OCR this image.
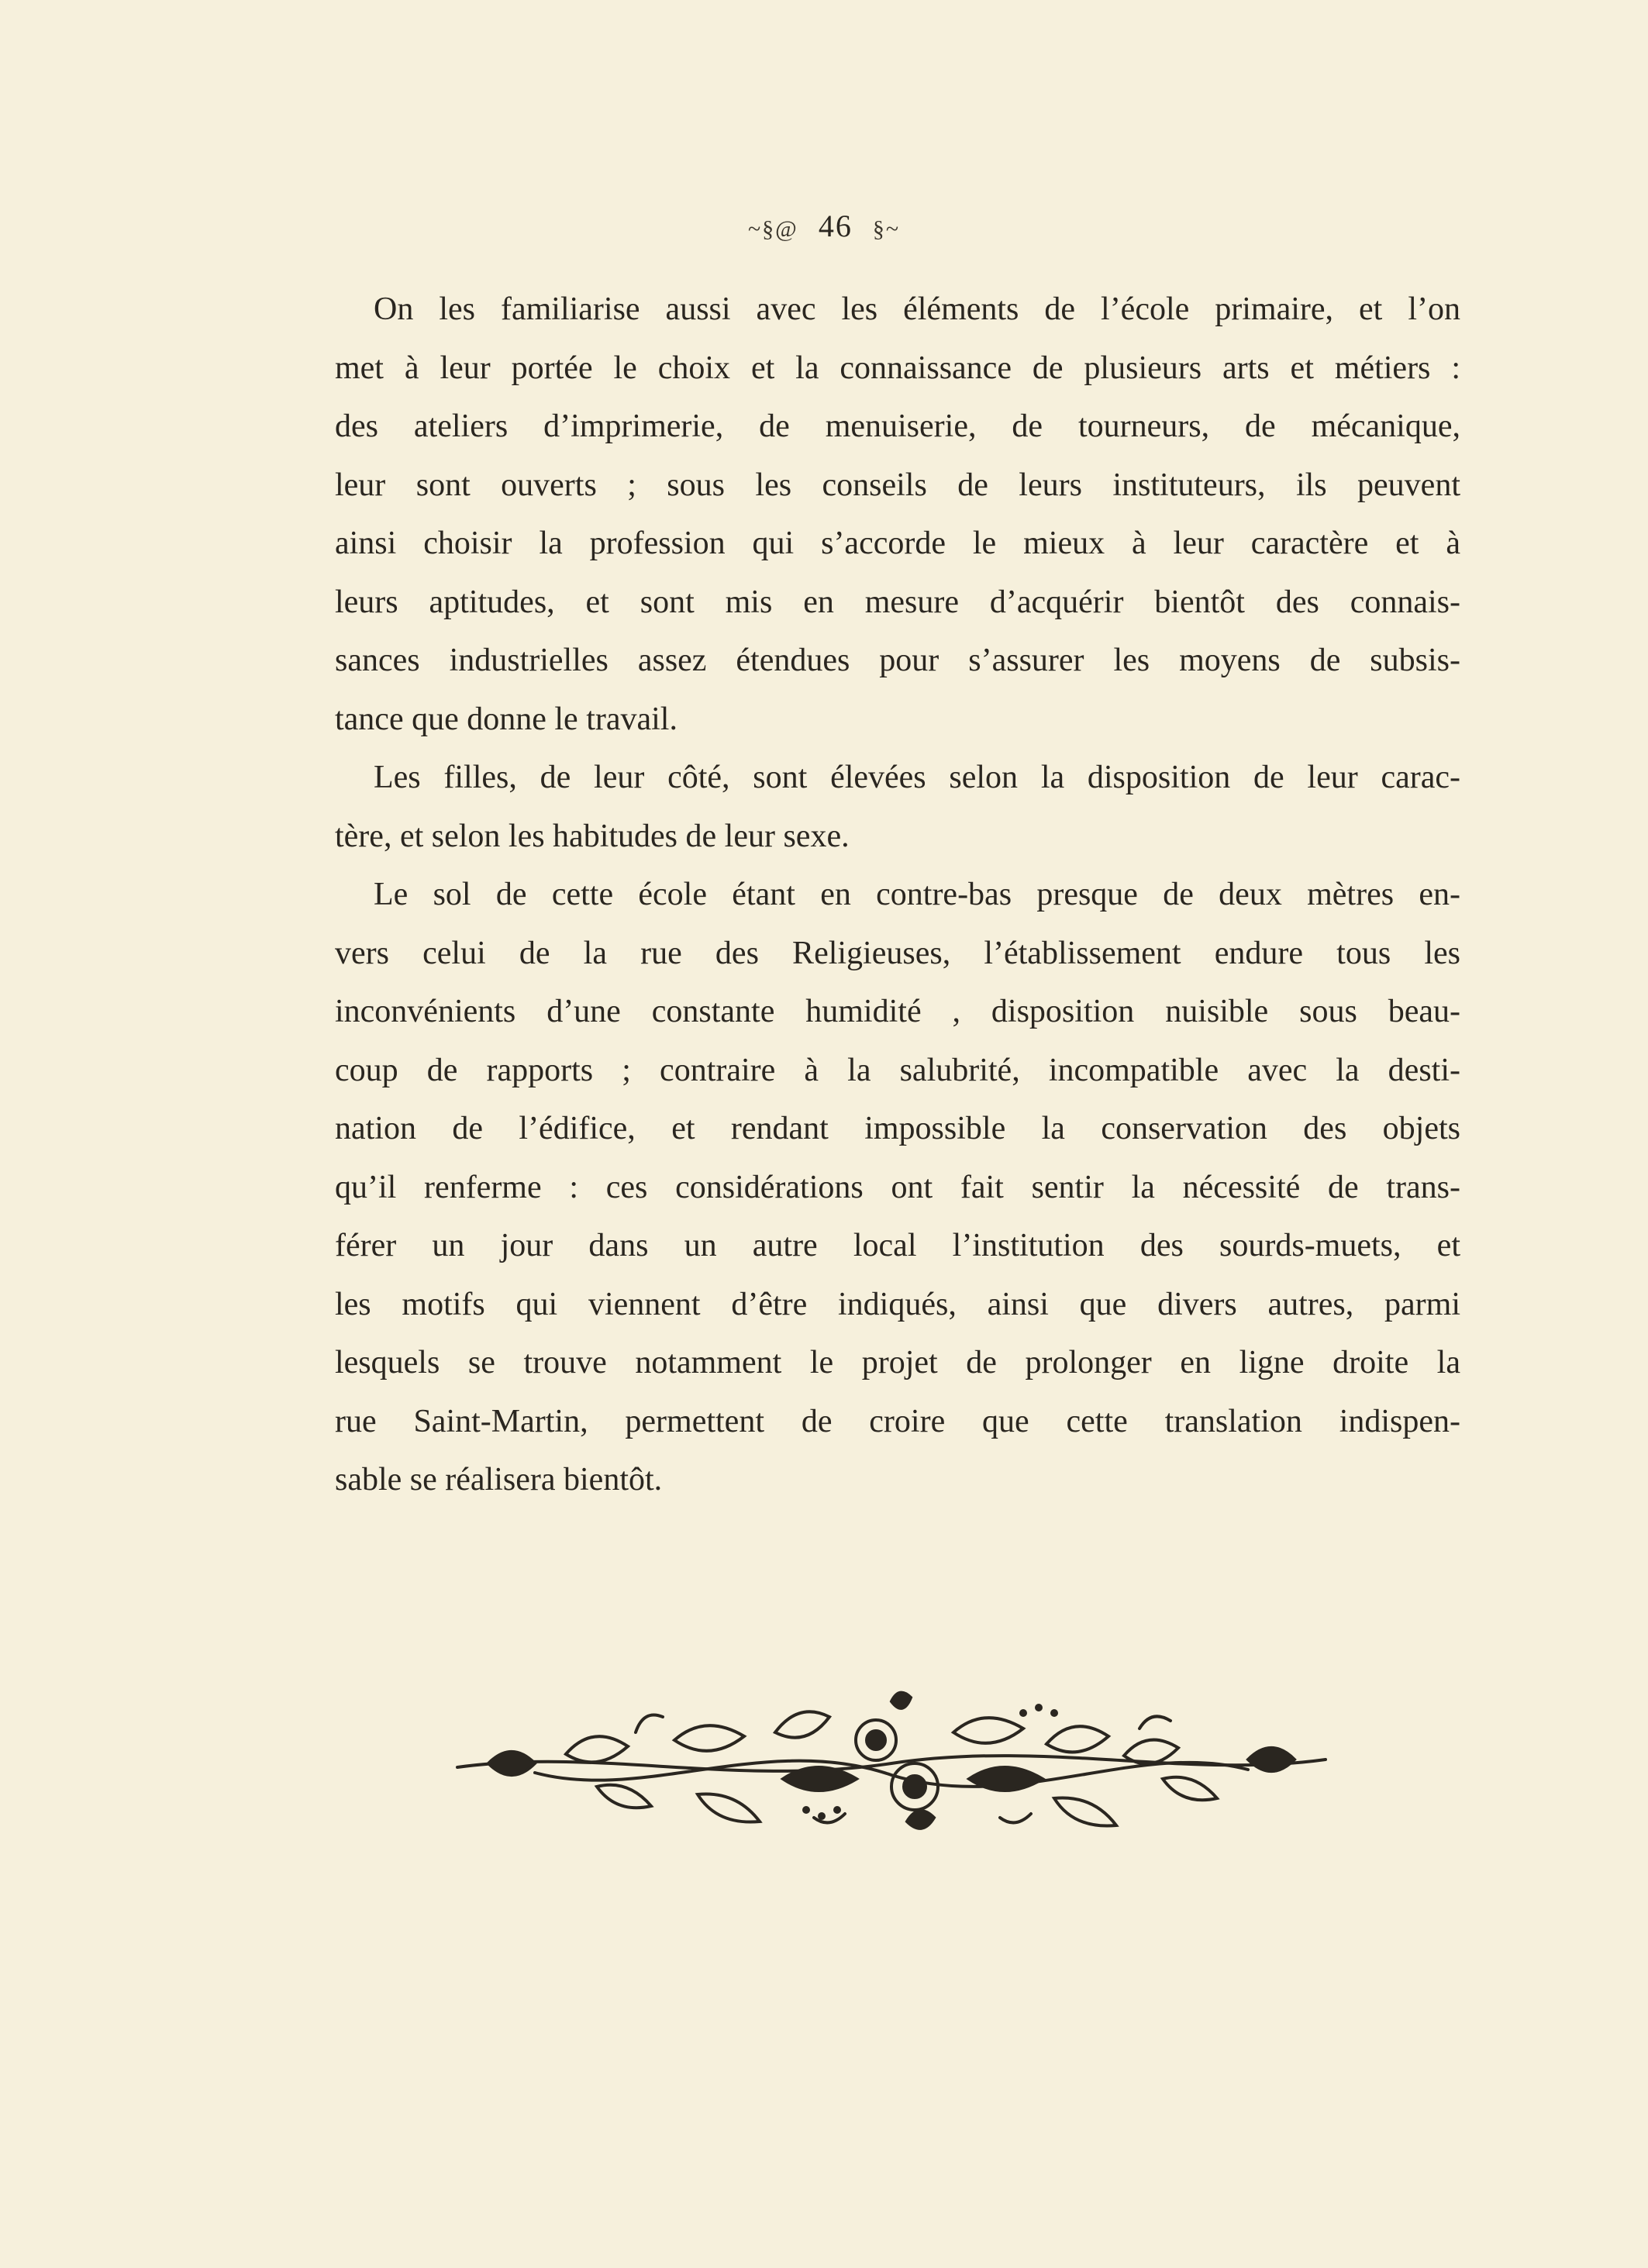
~§@ 46 §~
On les familiarise aussi avec les éléments de l’école primaire, et l’on
met à leur portée le choix et la connaissance de plusieurs arts et métiers :
des ateliers d’imprimerie, de menuiserie, de tourneurs, de mécanique,
leur sont ouverts ; sous les conseils de leurs instituteurs, ils peuvent
ainsi choisir la profession qui s’accorde le mieux à leur caractère et à
leurs aptitudes, et sont mis en mesure d’acquérir bientôt des connais-
sances industrielles assez étendues pour s’assurer les moyens de subsis-
tance que donne le travail.
Les filles, de leur côté, sont élevées selon la disposition de leur carac-
tère, et selon les habitudes de leur sexe.
Le sol de cette école étant en contre-bas presque de deux mètres en-
vers celui de la rue des Religieuses, l’établissement endure tous les
inconvénients d’une constante humidité , disposition nuisible sous beau-
coup de rapports ; contraire à la salubrité, incompatible avec la desti-
nation de l’édifice, et rendant impossible la conservation des objets
qu’il renferme : ces considérations ont fait sentir la nécessité de trans-
férer un jour dans un autre local l’institution des sourds-muets, et
les motifs qui viennent d’être indiqués, ainsi que divers autres, parmi
lesquels se trouve notamment le projet de prolonger en ligne droite la
rue Saint-Martin, permettent de croire que cette translation indispen-
sable se réalisera bientôt.
